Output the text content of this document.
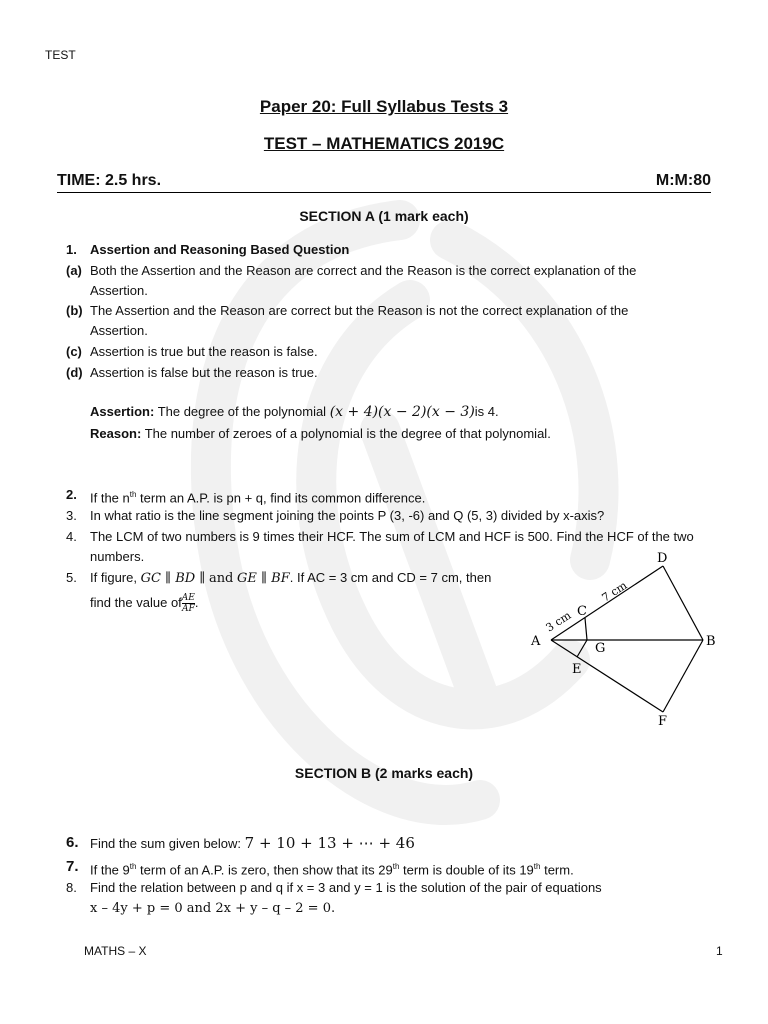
TEST
Paper 20: Full Syllabus Tests 3
TEST – MATHEMATICS 2019C
TIME: 2.5 hrs.	M:M:80
SECTION A (1 mark each)
1.	Assertion and Reasoning Based Question
(a) Both the Assertion and the Reason are correct and the Reason is the correct explanation of the
Assertion.
(b) The Assertion and the Reason are correct but the Reason is not the correct explanation of the
Assertion.
(c) Assertion is true but the reason is false.
(d) Assertion is false but the reason is true.
Assertion: The degree of the polynomial (x + 4)(x − 2)(x − 3)is 4.
Reason: The number of zeroes of a polynomial is the degree of that polynomial.
2.	If the $n^{th}$ term an A.P. is pn + q, find its common difference.
3.	In what ratio is the line segment joining the points P (3, -6) and Q (5, 3) divided by x-axis?
4.	The LCM of two numbers is 9 times their HCF. The sum of LCM and HCF is 500. Find the HCF of the two
numbers.
5.	If figure, GC ∥ BD ∥ and GE ∥ BF. If AC = 3 cm and CD = 7 cm, then
find the value of $\frac{AE}{AF}$ .
A	B
C
D
E
F
G
3 cm
7 cm
SECTION B (2 marks each)
6. Find the sum given below: 7 + 10 + 13 + ⋯ + 46
7. If the 9th term of an A.P. is zero, then show that its 29th term is double of its 19th term.
8.	Find the relation between p and q if x = 3 and y = 1 is the solution of the pair of equations
x – 4y + p = 0 and 2x + y – q – 2 = 0.
MATHS – X	1
